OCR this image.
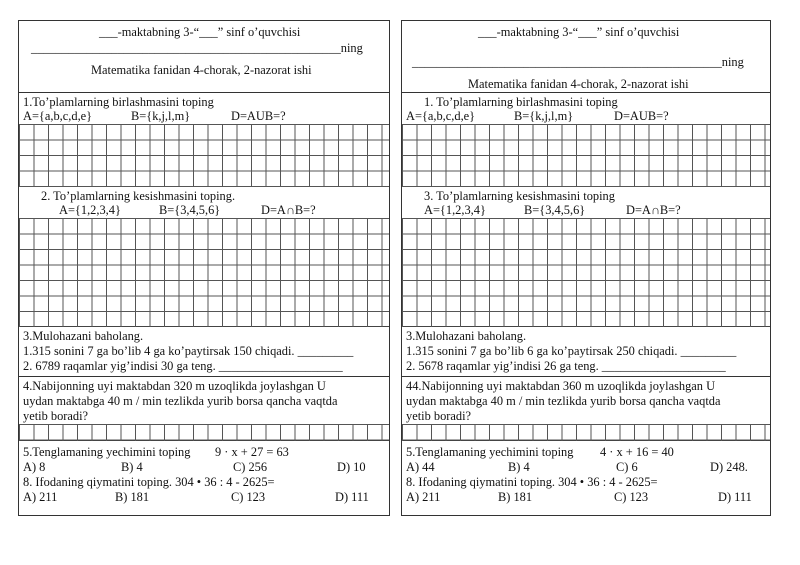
___-maktabning 3-“___” sinf o’quvchisi
__________________________________________________ning
Matematika fanidan 4-chorak, 2-nazorat ishi
1.To’plamlarning birlashmasini toping
A={a,b,c,d,e}	B={k,j,l,m}	D=AUB=?
2. To’plamlarning kesishmasini toping.
A={1,2,3,4}	B={3,4,5,6}	D=A∩B=?
3.Mulohazani baholang.
1.315 sonini 7 ga bo’lib 4 ga ko’paytirsak 150 chiqadi. _________
2. 6789 raqamlar yig’indisi 30 ga teng. ____________________
4.Nabijonning uyi maktabdan 320 m uzoqlikda joylashgan U
uydan maktabga 40 m / min tezlikda yurib borsa qancha vaqtda
yetib boradi?
5.Tenglamaning yechimini toping 9 · x + 27 = 63
A) 8	B) 4	C) 256	D) 10
8. Ifodaning qiymatini toping. 304 • 36 : 4 - 2625=
A) 211	B) 181	C) 123	D) 111
___-maktabning 3-“___” sinf o’quvchisi
__________________________________________________ning
Matematika fanidan 4-chorak, 2-nazorat ishi
1. To’plamlarning birlashmasini toping
A={a,b,c,d,e}	B={k,j,l,m}	D=AUB=?
3. To’plamlarning kesishmasini toping
A={1,2,3,4}	B={3,4,5,6}	D=A∩B=?
3.Mulohazani baholang.
1.315 sonini 7 ga bo’lib 6 ga ko’paytirsak 250 chiqadi. _________
2. 5678 raqamlar yig’indisi 26 ga teng. ____________________
44.Nabijonning uyi maktabdan 360 m uzoqlikda joylashgan U
uydan maktabga 40 m / min tezlikda yurib borsa qancha vaqtda
yetib boradi?
5.Tenglamaning yechimini toping 4 · x + 16 = 40
A) 44	B) 4	C) 6	D) 248.
8. Ifodaning qiymatini toping. 304 • 36 : 4 - 2625=
A) 211	B) 181	C) 123	D) 111
